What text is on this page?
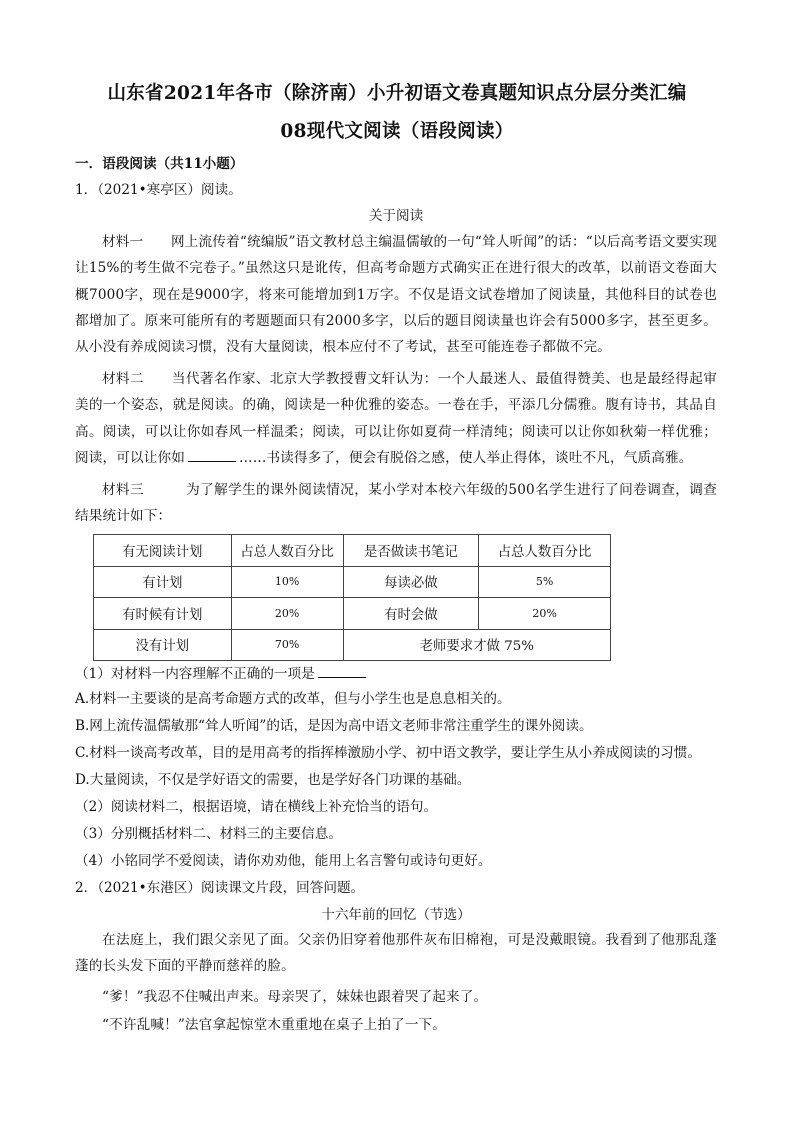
山东省2021年各市（除济南）小升初语文卷真题知识点分层分类汇编
08现代文阅读（语段阅读）
一．语段阅读（共11小题）
1．（2021•寒亭区）阅读。
关于阅读
材料一　　网上流传着“统编版”语文教材总主编温儒敏的一句“耸人听闻”的话：“以后高考语文要实现让15%的考生做不完卷子。”虽然这只是讹传，但高考命题方式确实正在进行很大的改革，以前语文卷面大概7000字，现在是9000字，将来可能增加到1万字。不仅是语文试卷增加了阅读量，其他科目的试卷也都增加了。原来可能所有的考题题面只有2000多字，以后的题目阅读量也许会有5000多字，甚至更多。从小没有养成阅读习惯，没有大量阅读，根本应付不了考试，甚至可能连卷子都做不完。
材料二　　当代著名作家、北京大学教授曹文轩认为：一个人最迷人、最值得赞美、也是最经得起审美的一个姿态，就是阅读。的确，阅读是一种优雅的姿态。一卷在手，平添几分儒雅。腹有诗书，其品自高。阅读，可以让你如春风一样温柔；阅读，可以让你如夏荷一样清纯；阅读可以让你如秋菊一样优雅；阅读，可以让你如	……书读得多了，便会有脱俗之感，使人举止得体，谈吐不凡，气质高雅。
材料三　　　为了解学生的课外阅读情况，某小学对本校六年级的500名学生进行了问卷调查，调查结果统计如下：
有无阅读计划	占总人数百分比	是否做读书笔记	占总人数百分比
有计划	10%	每读必做	5%
有时候有计划	20%	有时会做	20%
没有计划	70%	老师要求才做 75%	
（1）对材料一内容理解不正确的一项是
A.材料一主要谈的是高考命题方式的改革，但与小学生也是息息相关的。
B.网上流传温儒敏那“耸人听闻”的话，是因为高中语文老师非常注重学生的课外阅读。
C.材料一谈高考改革，目的是用高考的指挥棒激励小学、初中语文教学，要让学生从小养成阅读的习惯。
D.大量阅读，不仅是学好语文的需要，也是学好各门功课的基础。
（2）阅读材料二，根据语境，请在横线上补充恰当的语句。
（3）分别概括材料二、材料三的主要信息。
（4）小铭同学不爱阅读，请你劝劝他，能用上名言警句或诗句更好。
2．（2021•东港区）阅读课文片段，回答问题。
十六年前的回忆（节选）
在法庭上，我们跟父亲见了面。父亲仍旧穿着他那件灰布旧棉袍，可是没戴眼镜。我看到了他那乱蓬蓬的长头发下面的平静而慈祥的脸。
“爹！”我忍不住喊出声来。母亲哭了，妹妹也跟着哭了起来了。
“不许乱喊！”法官拿起惊堂木重重地在桌子上拍了一下。
